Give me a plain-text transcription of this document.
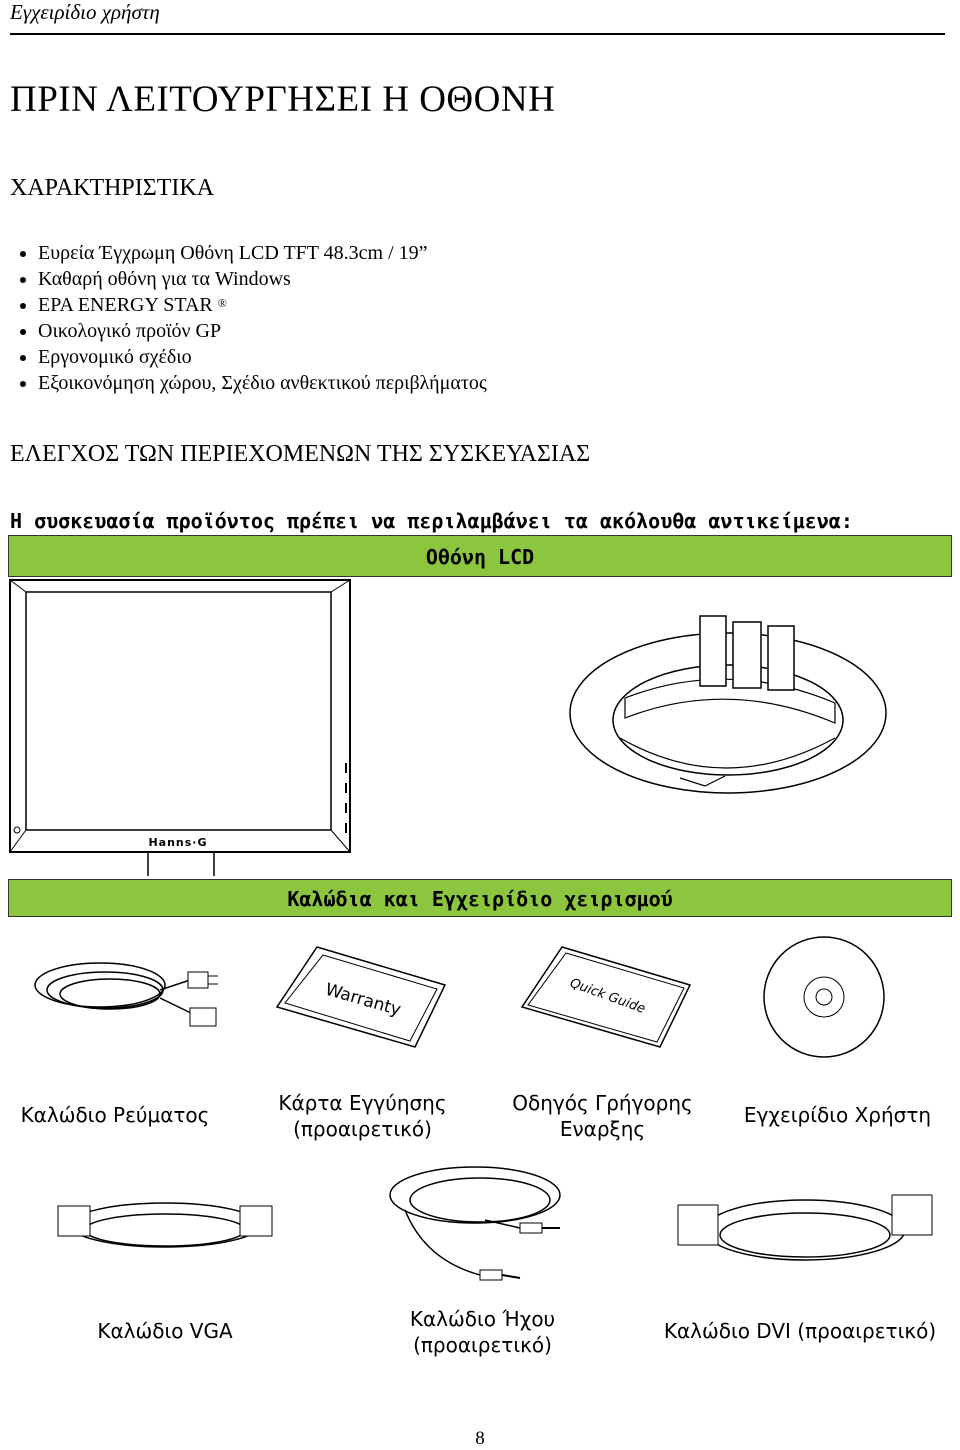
Εγχειρίδιο χρήστη
ΠΡΙΝ ΛΕΙΤΟΥΡΓΗΣΕΙ Η ΟΘΟΝΗ
ΧΑΡΑΚΤΗΡΙΣΤΙΚΑ
Ευρεία Έγχρωμη Οθόνη LCD TFT 48.3cm / 19”
Καθαρή οθόνη για τα Windows
EPA ENERGY STAR ®
Οικολογικό προϊόν GP
Εργονομικό σχέδιο
Εξοικονόμηση χώρου, Σχέδιο ανθεκτικού περιβλήματος
ΕΛΕΓΧΟΣ ΤΩΝ ΠΕΡΙΕΧΟΜΕΝΩΝ ΤΗΣ ΣΥΣΚΕΥΑΣΙΑΣ
Η συσκευασία προϊόντος πρέπει να περιλαμβάνει τα ακόλουθα αντικείμενα:
Οθόνη LCD
Hanns·G
Καλώδια και Εγχειρίδιο χειρισμού
Warranty	Quick Guide
Καλώδιο Ρεύματος	Κάρτα Εγγύησης
(προαιρετικό)
Οδηγός Γρήγορης
Εναρξης
Εγχειρίδιο Χρήστη
Καλώδιο VGA	Καλώδιο Ήχου
(προαιρετικό)
Καλώδιο DVI (προαιρετικό)
8
